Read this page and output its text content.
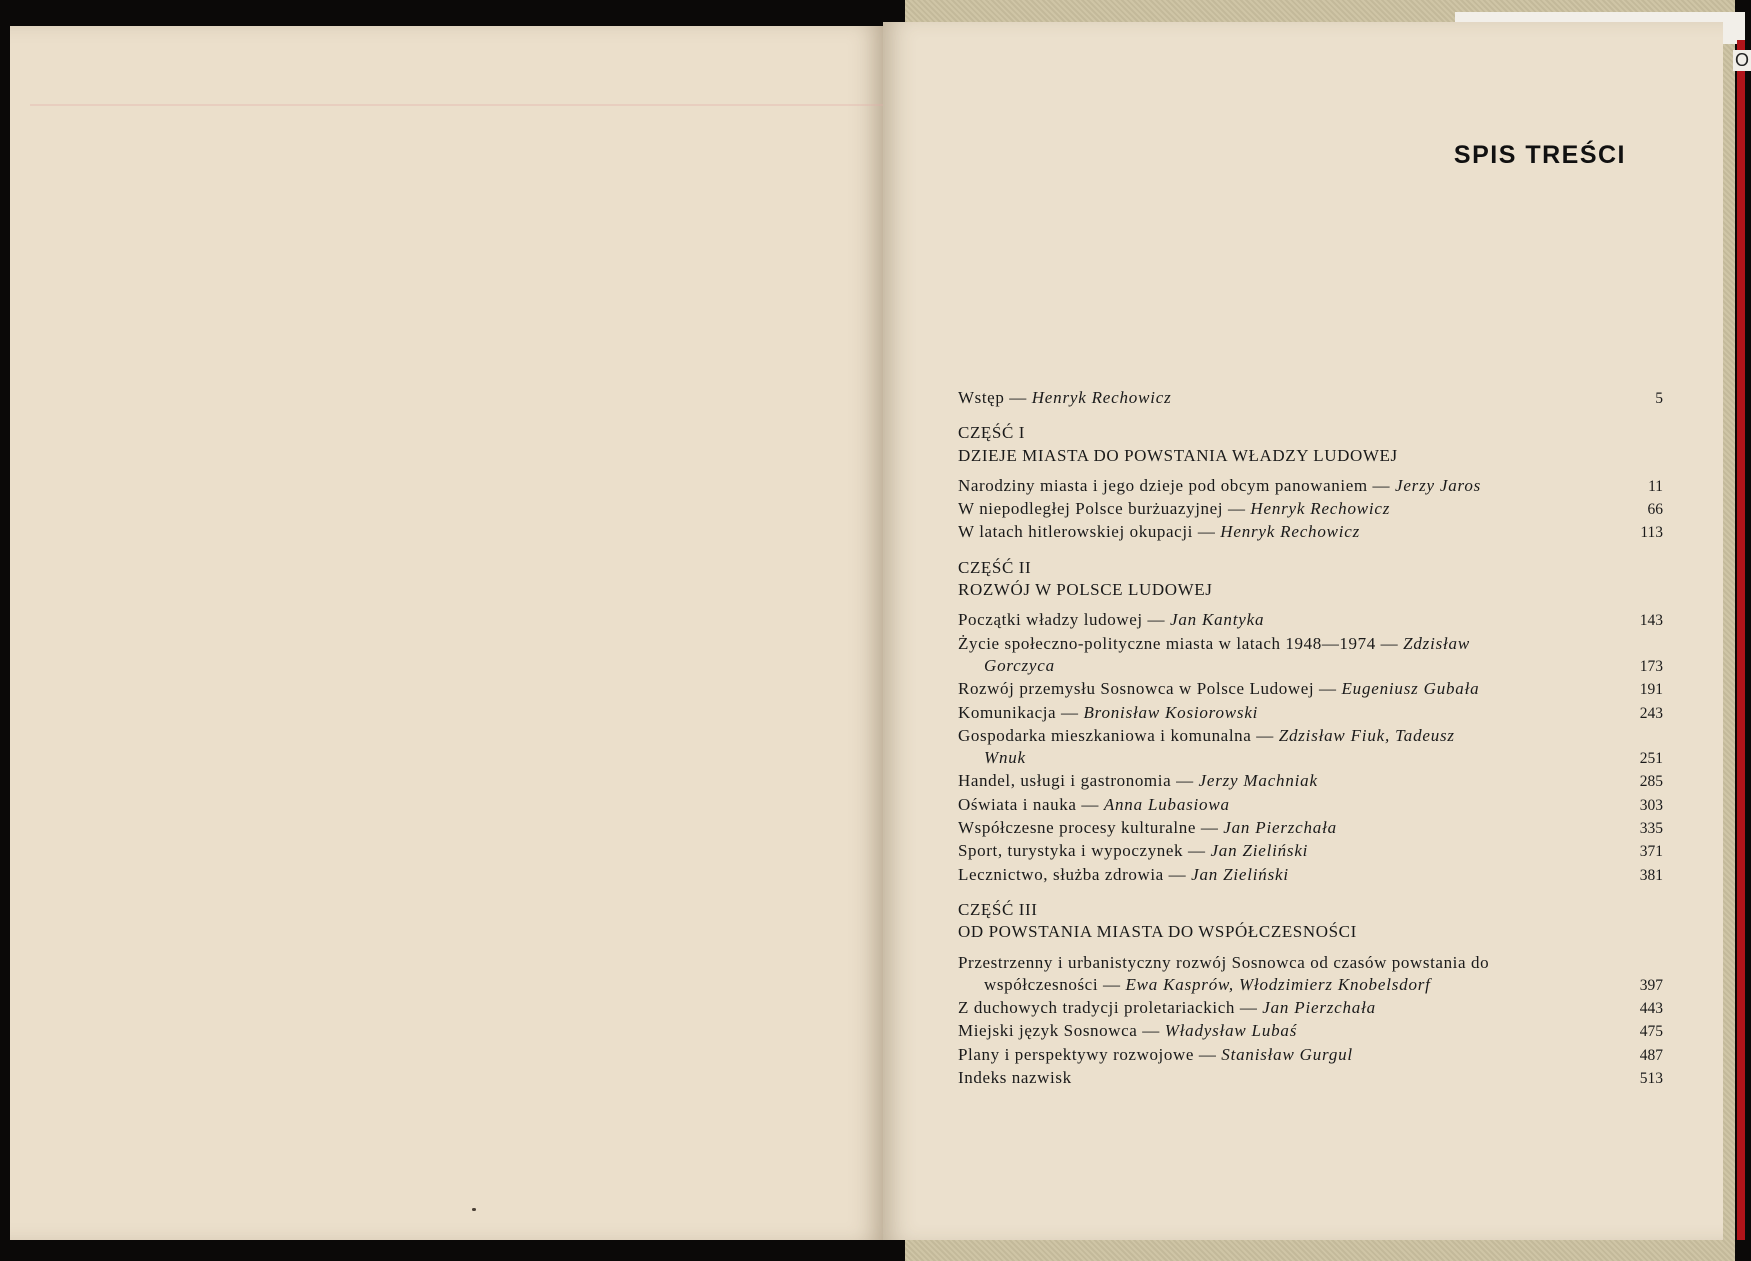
O
SPIS TREŚCI
Wstęp — Henryk Rechowicz	5
CZĘŚĆ I
DZIEJE MIASTA DO POWSTANIA WŁADZY LUDOWEJ
Narodziny miasta i jego dzieje pod obcym panowaniem — Jerzy Jaros	11
W niepodległej Polsce burżuazyjnej — Henryk Rechowicz	66
W latach hitlerowskiej okupacji — Henryk Rechowicz	113
CZĘŚĆ II
ROZWÓJ W POLSCE LUDOWEJ
Początki władzy ludowej — Jan Kantyka	143
Życie społeczno-polityczne miasta w latach 1948—1974 — Zdzisław
Gorczyca	173
Rozwój przemysłu Sosnowca w Polsce Ludowej — Eugeniusz Gubała	191
Komunikacja — Bronisław Kosiorowski	243
Gospodarka mieszkaniowa i komunalna — Zdzisław Fiuk, Tadeusz
Wnuk	251
Handel, usługi i gastronomia — Jerzy Machniak	285
Oświata i nauka — Anna Lubasiowa	303
Współczesne procesy kulturalne — Jan Pierzchała	335
Sport, turystyka i wypoczynek — Jan Zieliński	371
Lecznictwo, służba zdrowia — Jan Zieliński	381
CZĘŚĆ III
OD POWSTANIA MIASTA DO WSPÓŁCZESNOŚCI
Przestrzenny i urbanistyczny rozwój Sosnowca od czasów powstania do
współczesności — Ewa Kasprów, Włodzimierz Knobelsdorf	397
Z duchowych tradycji proletariackich — Jan Pierzchała	443
Miejski język Sosnowca — Władysław Lubaś	475
Plany i perspektywy rozwojowe — Stanisław Gurgul	487
Indeks nazwisk	513
